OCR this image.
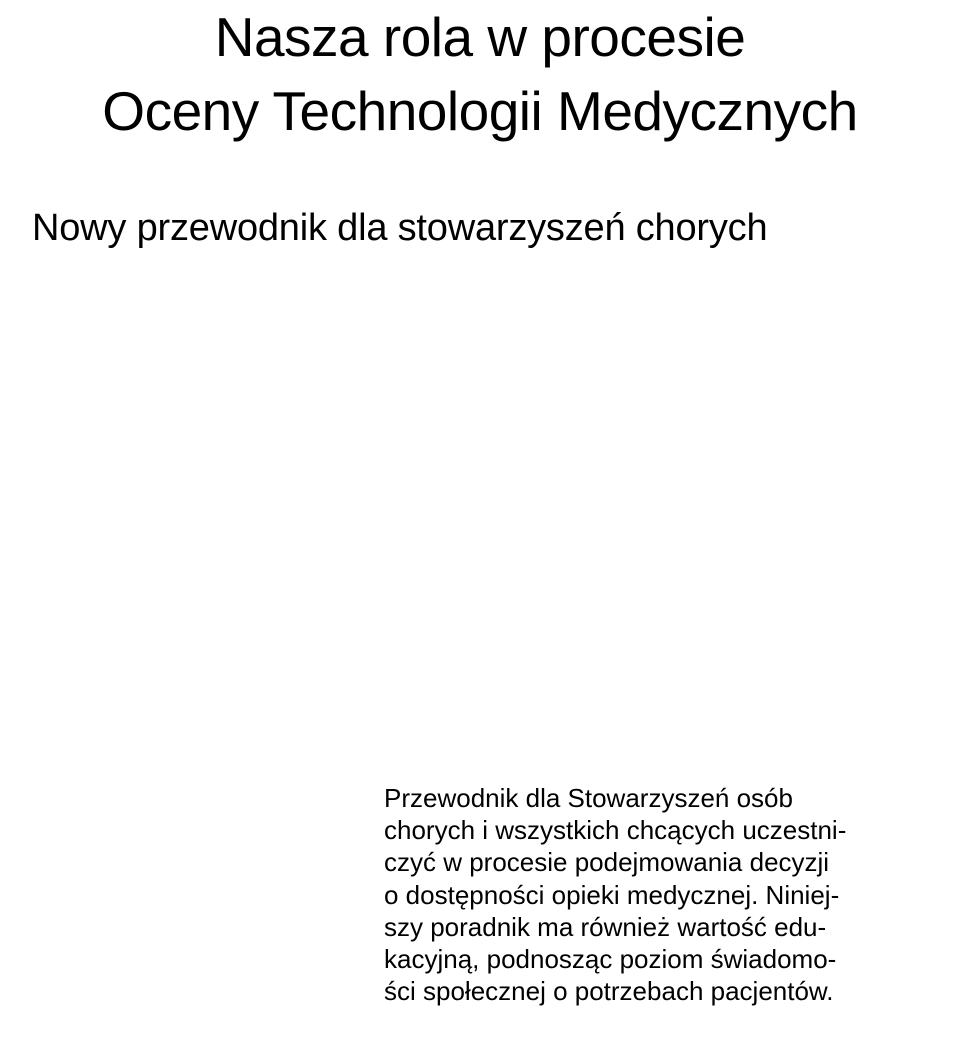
Nasza rola w procesie
Oceny Technologii Medycznych
Nowy przewodnik dla stowarzyszeń chorych
Przewodnik dla Stowarzyszeń osób
chorych i wszystkich chcących uczestni-
czyć w procesie podejmowania decyzji
o dostępności opieki medycznej. Niniej-
szy poradnik ma również wartość edu-
kacyjną, podnosząc poziom świadomo-
ści społecznej o potrzebach pacjentów.
